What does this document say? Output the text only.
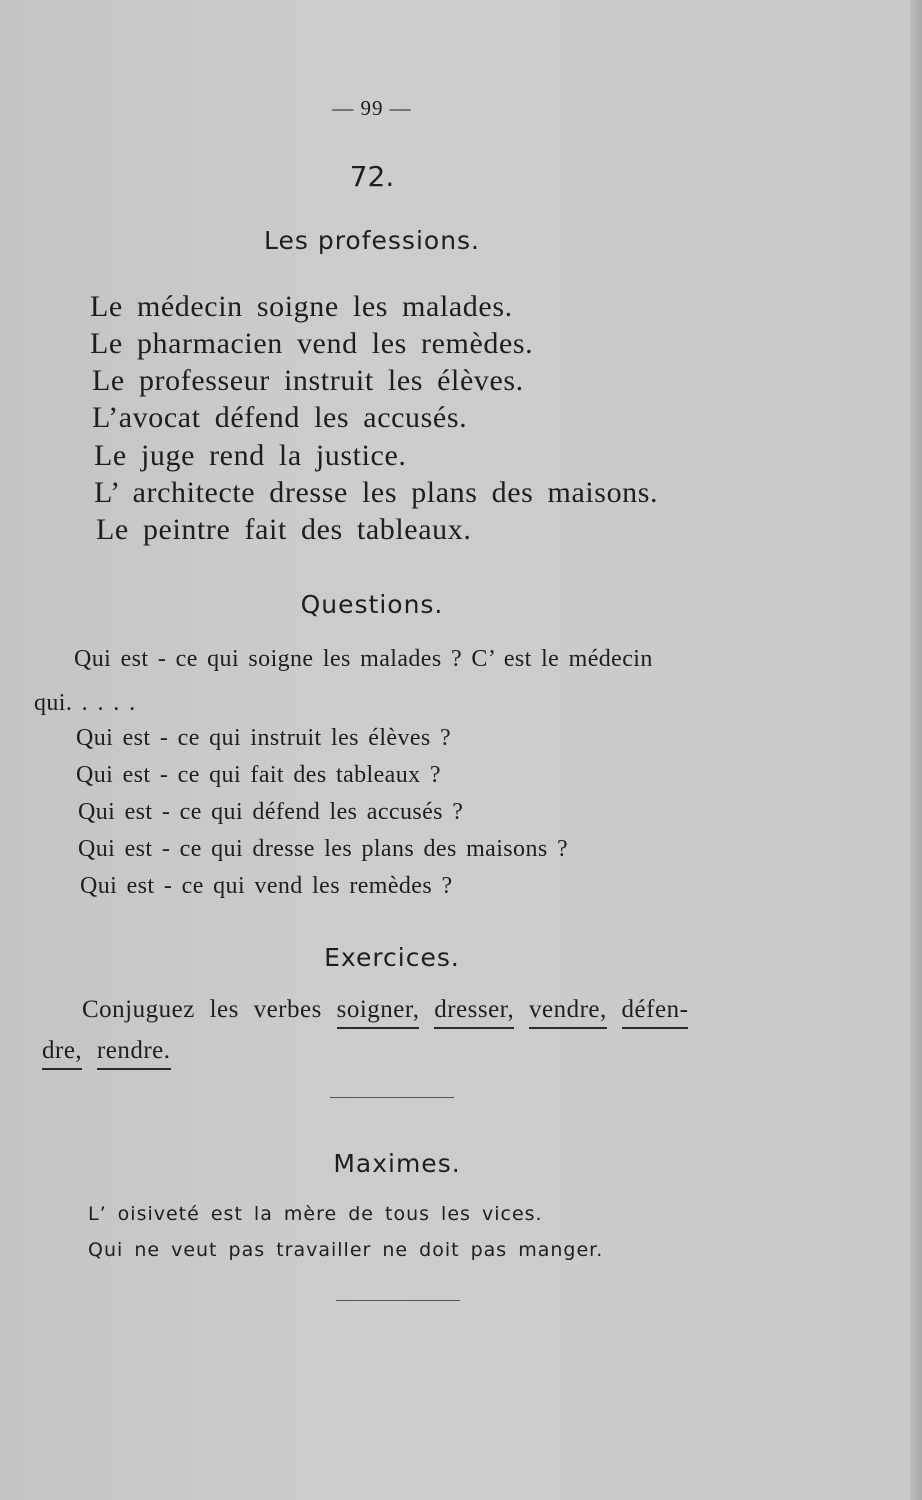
— 99 —
72.
Les professions.
Le médecin soigne les malades.
Le pharmacien vend les remèdes.
Le professeur instruit les élèves.
L’avocat défend les accusés.
Le juge rend la justice.
L’ architecte dresse les plans des maisons.
Le peintre fait des tableaux.
Questions.
Qui est - ce qui soigne les malades ? C’ est le médecin
qui. . . . .
Qui est - ce qui instruit les élèves ?
Qui est - ce qui fait des tableaux ?
Qui est - ce qui défend les accusés ?
Qui est - ce qui dresse les plans des maisons ?
Qui est - ce qui vend les remèdes ?
Exercices.
Conjuguez les verbes soigner, dresser, vendre, défen-
dre, rendre.
Maximes.
L’ oisiveté est la mère de tous les vices.
Qui ne veut pas travailler ne doit pas manger.
